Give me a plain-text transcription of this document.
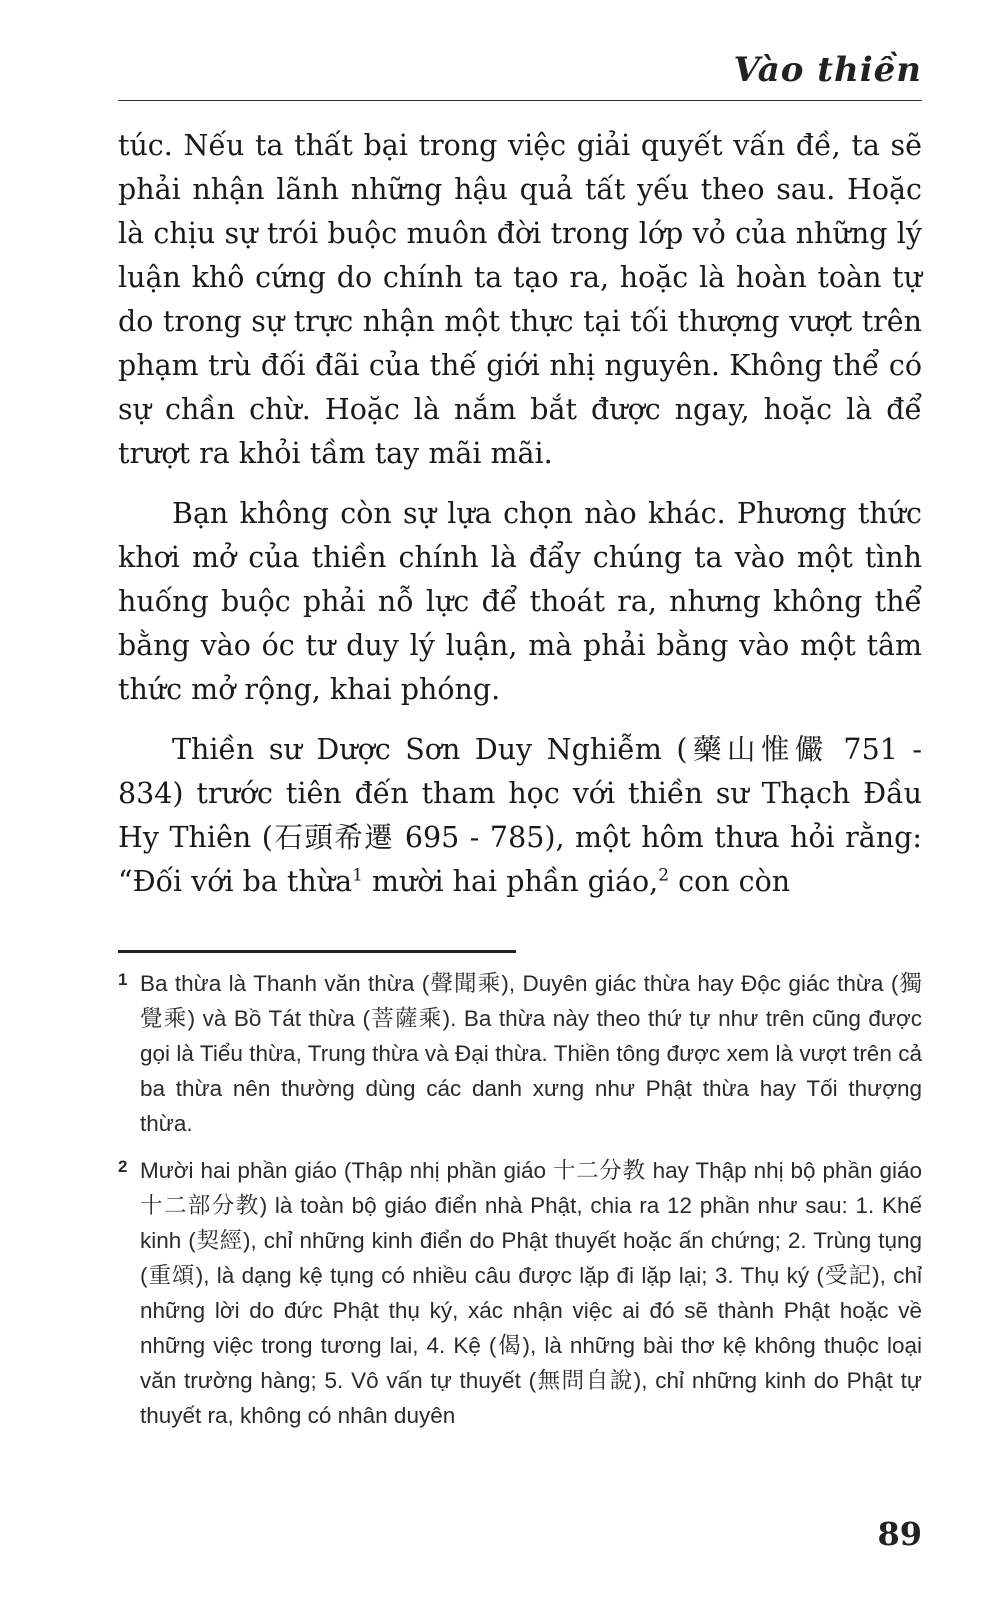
Vào thiền

túc. Nếu ta thất bại trong việc giải quyết vấn đề, ta sẽ phải nhận lãnh những hậu quả tất yếu theo sau. Hoặc là chịu sự trói buộc muôn đời trong lớp vỏ của những lý luận khô cứng do chính ta tạo ra, hoặc là hoàn toàn tự do trong sự trực nhận một thực tại tối thượng vượt trên phạm trù đối đãi của thế giới nhị nguyên. Không thể có sự chần chừ. Hoặc là nắm bắt được ngay, hoặc là để trượt ra khỏi tầm tay mãi mãi.

Bạn không còn sự lựa chọn nào khác. Phương thức khơi mở của thiền chính là đẩy chúng ta vào một tình huống buộc phải nỗ lực để thoát ra, nhưng không thể bằng vào óc tư duy lý luận, mà phải bằng vào một tâm thức mở rộng, khai phóng.

Thiền sư Dược Sơn Duy Nghiễm (藥山惟儼 751 - 834) trước tiên đến tham học với thiền sư Thạch Đầu Hy Thiên (石頭希遷 695 - 785), một hôm thưa hỏi rằng: “Đối với ba thừa$^1$ mười hai phần giáo,$^2$ con còn

1 Ba thừa là Thanh văn thừa (聲聞乘), Duyên giác thừa hay Độc giác thừa (獨覺乘) và Bồ Tát thừa (菩薩乘). Ba thừa này theo thứ tự như trên cũng được gọi là Tiểu thừa, Trung thừa và Đại thừa. Thiền tông được xem là vượt trên cả ba thừa nên thường dùng các danh xưng như Phật thừa hay Tối thượng thừa.
2 Mười hai phần giáo (Thập nhị phần giáo 十二分教 hay Thập nhị bộ phần giáo 十二部分教) là toàn bộ giáo điển nhà Phật, chia ra 12 phần như sau: 1. Khế kinh (契經), chỉ những kinh điển do Phật thuyết hoặc ấn chứng; 2. Trùng tụng (重頌), là dạng kệ tụng có nhiều câu được lặp đi lặp lại; 3. Thụ ký (受記), chỉ những lời do đức Phật thụ ký, xác nhận việc ai đó sẽ thành Phật hoặc về những việc trong tương lai, 4. Kệ (偈), là những bài thơ kệ không thuộc loại văn trường hàng; 5. Vô vấn tự thuyết (無問自說), chỉ những kinh do Phật tự thuyết ra, không có nhân duyên
89
